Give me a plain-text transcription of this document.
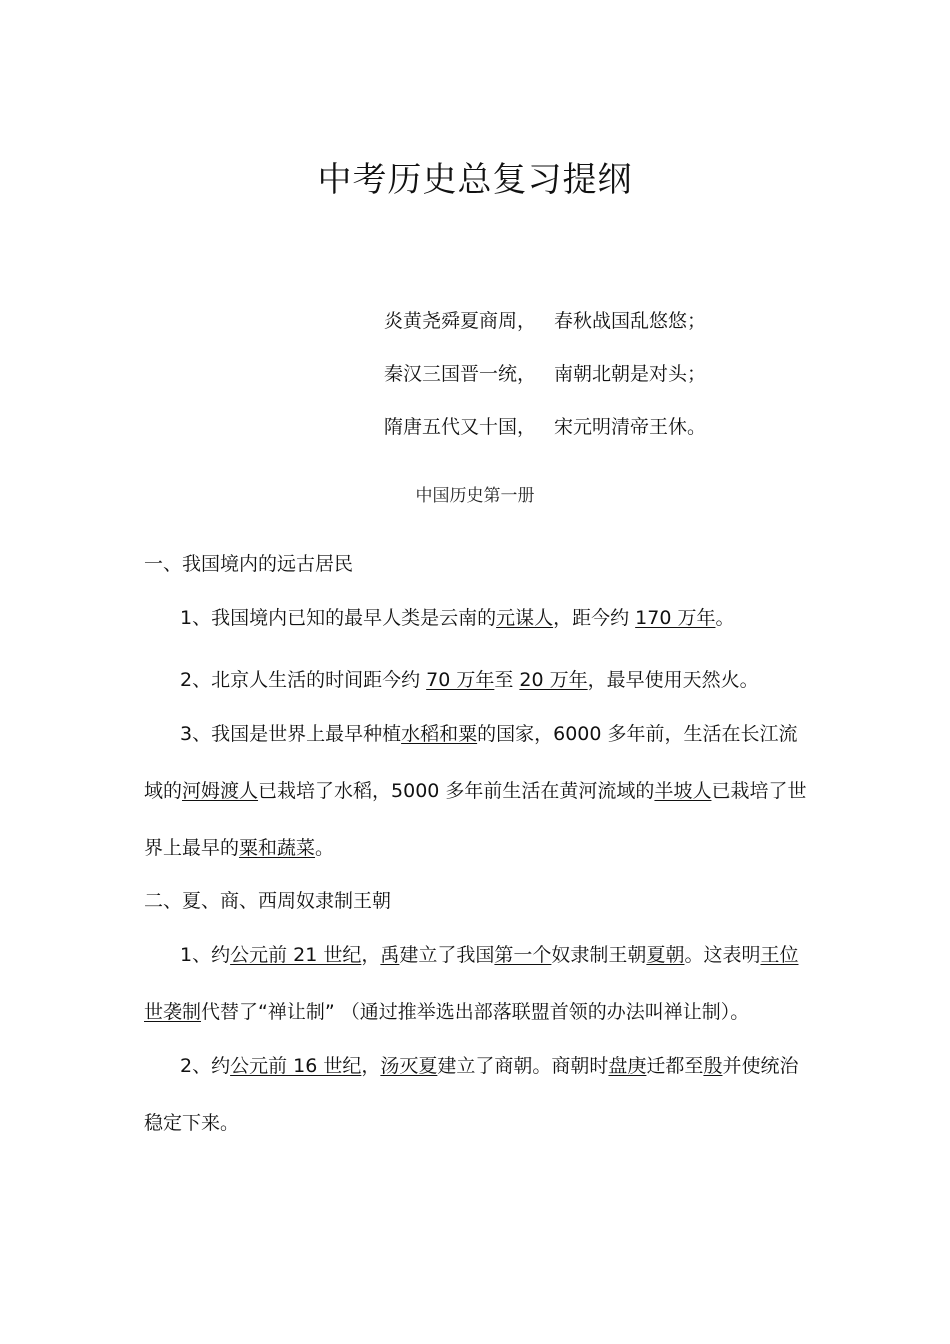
中考历史总复习提纲
炎黄尧舜夏商周， 春秋战国乱悠悠；
秦汉三国晋一统， 南朝北朝是对头；
隋唐五代又十国， 宋元明清帝王休。
中国历史第一册
一、我国境内的远古居民
1、我国境内已知的最早人类是云南的元谋人，距今约 170 万年。
2、北京人生活的时间距今约 70 万年至 20 万年，最早使用天然火。
3、我国是世界上最早种植水稻和粟的国家，6000 多年前，生活在长江流
域的河姆渡人已栽培了水稻，5000 多年前生活在黄河流域的半坡人已栽培了世
界上最早的粟和蔬菜。
二、夏、商、西周奴隶制王朝
1、约公元前 21 世纪，禹建立了我国第一个奴隶制王朝夏朝。这表明王位
世袭制代替了“禅让制” （通过推举选出部落联盟首领的办法叫禅让制）。
2、约公元前 16 世纪，汤灭夏建立了商朝。商朝时盘庚迁都至殷并使统治
稳定下来。
